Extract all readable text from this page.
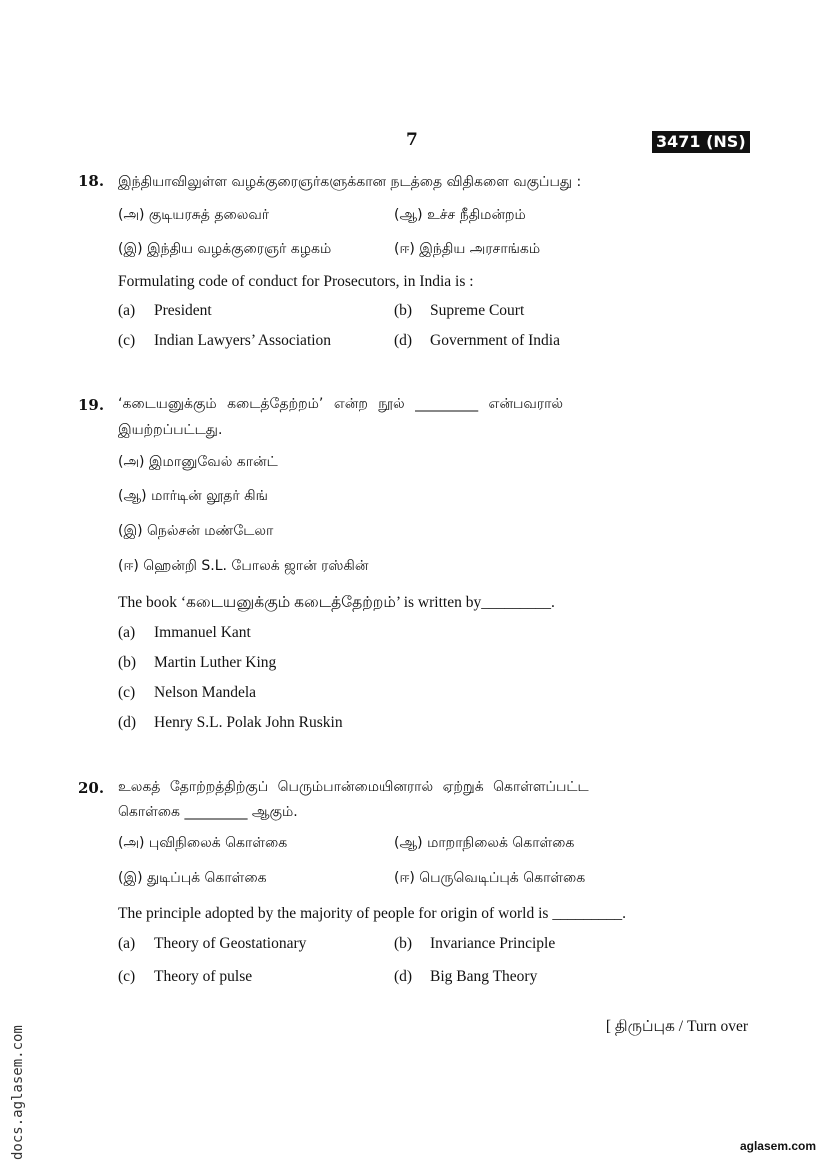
7	3471 (NS)
18. இந்தியாவிலுள்ள வழக்குரைஞர்களுக்கான நடத்தை விதிகளை வகுப்பது :
(அ) குடியரசுத் தலைவர்	(ஆ) உச்ச நீதிமன்றம்
(இ) இந்திய வழக்குரைஞர் கழகம்	(ஈ) இந்திய அரசாங்கம்
Formulating code of conduct for Prosecutors, in India is :
(a) President	(b) Supreme Court
(c) Indian Lawyers’ Association	(d) Government of India
19. ‘கடையனுக்கும் கடைத்தேற்றம்’ என்ற நூல் _________ என்பவரால்
இயற்றப்பட்டது.
(அ) இமானுவேல் கான்ட்
(ஆ) மார்டின் லூதர் கிங்
(இ) நெல்சன் மண்டேலா
(ஈ) ஹென்றி S.L. போலக் ஜான் ரஸ்கின்
The book ‘கடையனுக்கும் கடைத்தேற்றம்’ is written by_________.
(a) Immanuel Kant
(b) Martin Luther King
(c) Nelson Mandela
(d) Henry S.L. Polak John Ruskin
20. உலகத் தோற்றத்திற்குப் பெரும்பான்மையினரால் ஏற்றுக் கொள்ளப்பட்ட
கொள்கை _________ ஆகும்.
(அ) புவிநிலைக் கொள்கை	(ஆ) மாறாநிலைக் கொள்கை
(இ) துடிப்புக் கொள்கை	(ஈ) பெருவெடிப்புக் கொள்கை
The principle adopted by the majority of people for origin of world is _________.
(a) Theory of Geostationary	(b) Invariance Principle
(c) Theory of pulse	(d) Big Bang Theory
[ திருப்புக / Turn over
docs.aglasem.com	aglasem.com
